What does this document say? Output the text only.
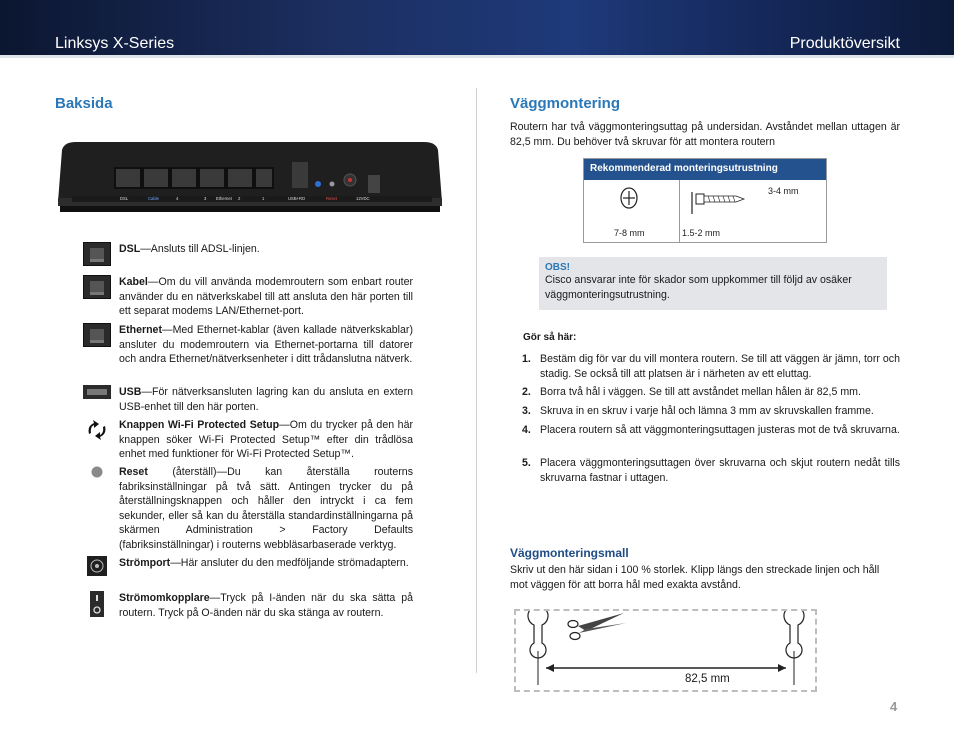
Linksys X-Series	Produktöversikt
Baksida
DSL	Cable	4	3 Ethernet 2	1	USB+RD	Reset	12VDC
DSL—Ansluts till ADSL-linjen.
Kabel—Om du vill använda modemroutern som enbart router använder du en nätverkskabel till att ansluta den här porten till ett separat modems LAN/Ethernet-port.
Ethernet—Med Ethernet-kablar (även kallade nätverkskablar) ansluter du modemroutern via Ethernet-portarna till datorer och andra Ethernet/nätverksenheter i ditt trådanslutna nätverk.
USB—För nätverksansluten lagring kan du ansluta en extern USB-enhet till den här porten.
Knappen Wi-Fi Protected Setup—Om du trycker på den här knappen söker Wi-Fi Protected Setup™ efter din trådlösa enhet med funktioner för Wi-Fi Protected Setup™.
Reset (återställ)—Du kan återställa routerns fabriksinställningar på två sätt. Antingen trycker du på återställningsknappen och håller den intryckt i ca fem sekunder, eller så kan du återställa standardinställningarna på skärmen Administration > Factory Defaults (fabriksinställningar) i routerns webbläsarbaserade verktyg.
Strömport—Här ansluter du den medföljande strömadaptern.
Strömomkopplare—Tryck på I-änden när du ska sätta på routern. Tryck på O-änden när du ska stänga av routern.
Väggmontering

Routern har två väggmonteringsuttag på undersidan. Avståndet mellan uttagen är 82,5 mm. Du behöver två skruvar för att montera routern

Rekommenderad monteringsutrustning
7-8 mm
3-4 mm
1.5-2 mm
OBS!
Cisco ansvarar inte för skador som uppkommer till följd av osäker väggmonteringsutrustning.
Gör så här:
1. Bestäm dig för var du vill montera routern. Se till att väggen är jämn, torr och stadig. Se också till att platsen är i närheten av ett eluttag.
2. Borra två hål i väggen. Se till att avståndet mellan hålen är 82,5 mm.
3. Skruva in en skruv i varje hål och lämna 3 mm av skruvskallen framme.
4. Placera routern så att väggmonteringsuttagen justeras mot de två skruvarna.
5. Placera väggmonteringsuttagen över skruvarna och skjut routern nedåt tills skruvarna fastnar i uttagen.
Väggmonteringsmall

Skriv ut den här sidan i 100 % storlek. Klipp längs den streckade linjen och håll mot väggen för att borra hål med exakta avstånd.

82,5 mm
4
